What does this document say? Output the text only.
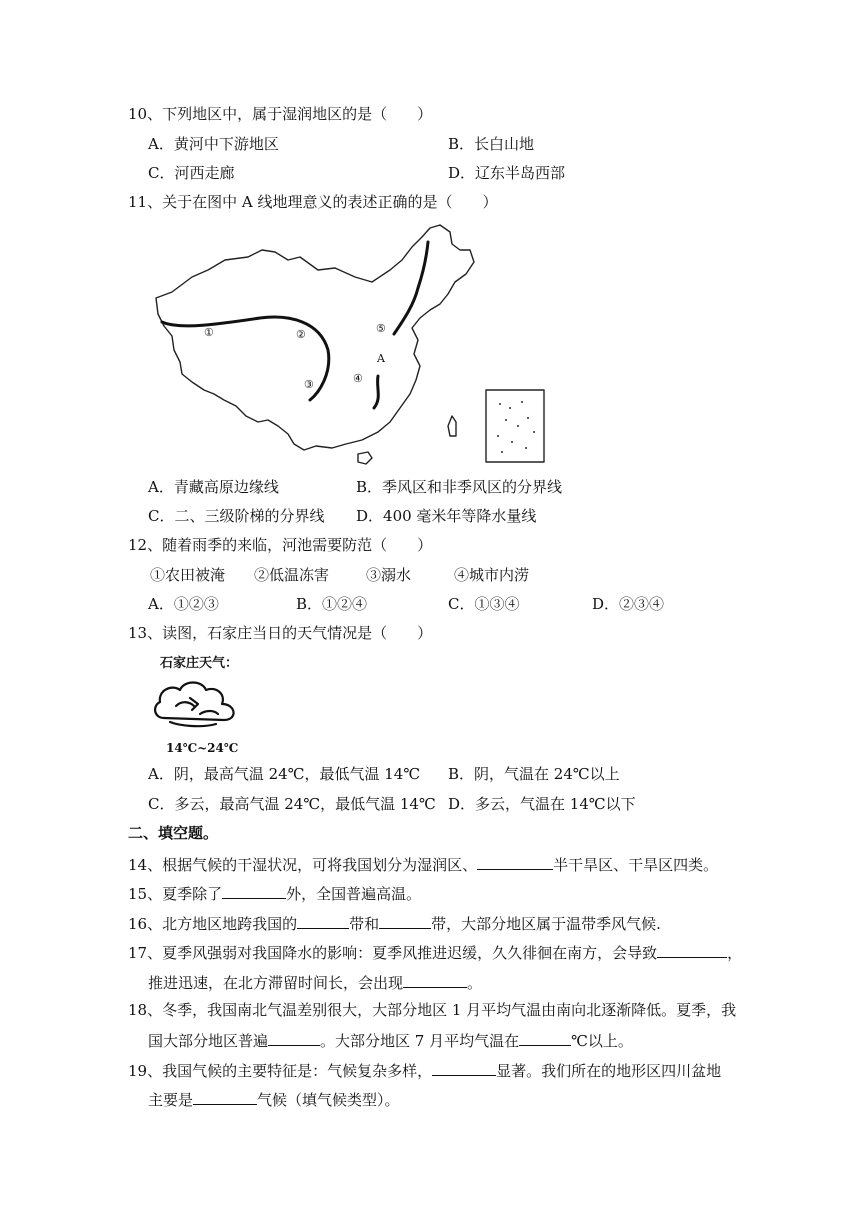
10、下列地区中，属于湿润地区的是（　　）
A．黄河中下游地区	B．长白山地
C．河西走廊	D．辽东半岛西部
11、关于在图中 A 线地理意义的表述正确的是（　　）
①	②
③	④
⑤
A
A．青藏高原边缘线	B．季风区和非季风区的分界线
C．二、三级阶梯的分界线 D．400 毫米年等降水量线
12、随着雨季的来临，河池需要防范（　　）
①农田被淹 ②低温冻害 ③溺水	④城市内涝
A．①②③	B．①②④	C．①③④	D．②③④
13、读图，石家庄当日的天气情况是（　　）
石家庄天气：
14℃~24℃
A．阴，最高气温 24℃，最低气温 14℃ B．阴，气温在 24℃以上
C．多云，最高气温 24℃，最低气温 14℃ D．多云，气温在 14℃以下
二、填空题。
14、根据气候的干湿状况，可将我国划分为湿润区、	半干旱区、干旱区四类。
15、夏季除了	外，全国普遍高温。
16、北方地区地跨我国的	带和	带，大部分地区属于温带季风气候.
17、夏季风强弱对我国降水的影响：夏季风推进迟缓，久久徘徊在南方，会导致	，
推进迅速，在北方滞留时间长，会出现	。
18、冬季，我国南北气温差别很大，大部分地区 1 月平均气温由南向北逐渐降低。夏季，我
国大部分地区普遍	。大部分地区 7 月平均气温在	℃以上。
19、我国气候的主要特征是：气候复杂多样，	显著。我们所在的地形区四川盆地
主要是	气候（填气候类型）。
